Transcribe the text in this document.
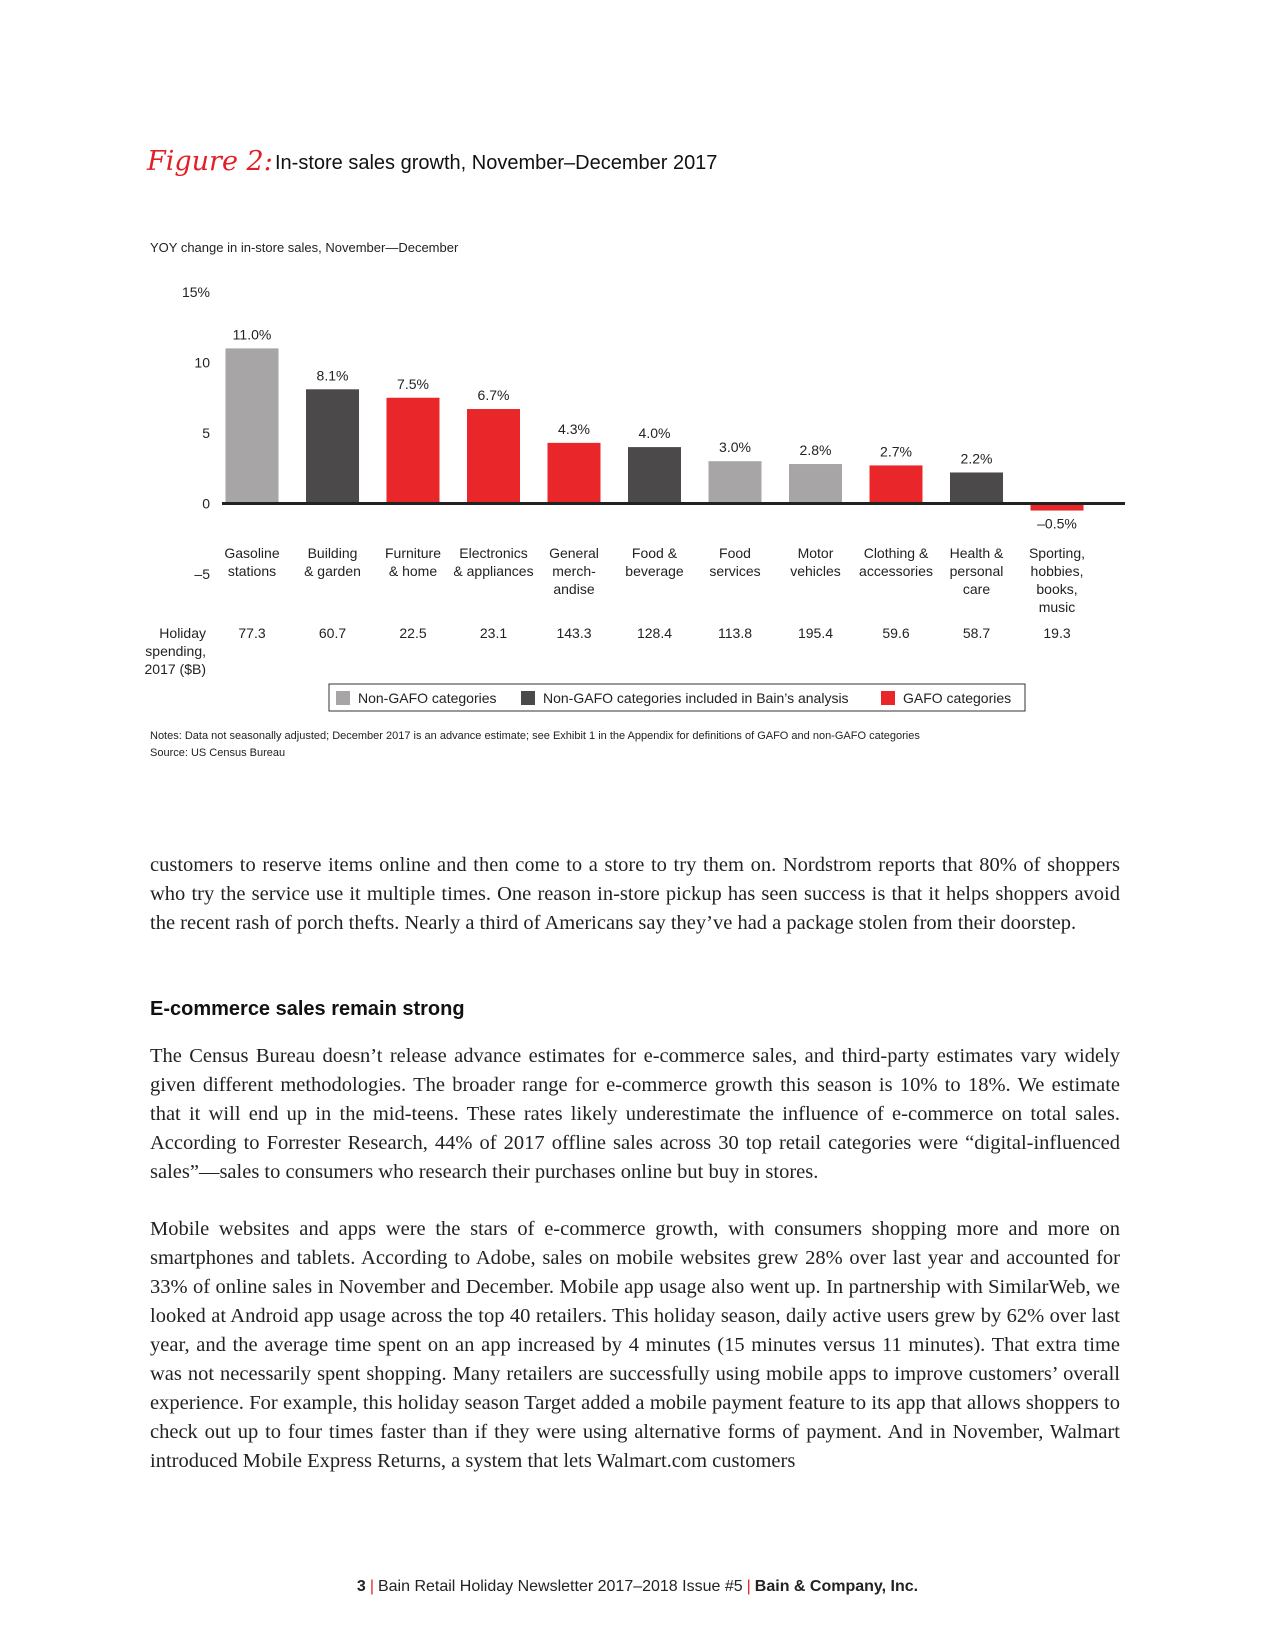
Figure 2: In-store sales growth, November–December 2017
YOY change in in-store sales, November—December
15%
10
5
0
–5
11.0%
8.1%
7.5%
6.7%
4.3%	4.0%
3.0%	2.8%	2.7%	2.2%
–0.5%
Gasoline stations
Building & garden
Furniture & home
Electronics & appliances
General merch-andise
Food & beverage
Food services
Motor vehicles
Clothing & accessories
Health & personal care
Sporting, hobbies, books, music
Holiday spending, 2017 ($B)
77.3	60.7	22.5	23.1	143.3	128.4	113.8	195.4	59.6	58.7	19.3
Non-GAFO categories	Non-GAFO categories included in Bain’s analysis	GAFO categories
Notes: Data not seasonally adjusted; December 2017 is an advance estimate; see Exhibit 1 in the Appendix for definitions of GAFO and non-GAFO categories
Source: US Census Bureau

customers to reserve items online and then come to a store to try them on. Nordstrom reports that 80% of shoppers who try the service use it multiple times. One reason in-store pickup has seen success is that it helps shoppers avoid the recent rash of porch thefts. Nearly a third of Americans say they’ve had a package stolen from their doorstep.

E-commerce sales remain strong

The Census Bureau doesn’t release advance estimates for e-commerce sales, and third-party estimates vary widely given different methodologies. The broader range for e-commerce growth this season is 10% to 18%. We estimate that it will end up in the mid-teens. These rates likely underestimate the influence of e-commerce on total sales. According to Forrester Research, 44% of 2017 offline sales across 30 top retail categories were “digital-influenced sales”—sales to consumers who research their purchases online but buy in stores.

Mobile websites and apps were the stars of e-commerce growth, with consumers shopping more and more on smartphones and tablets. According to Adobe, sales on mobile websites grew 28% over last year and accounted for 33% of online sales in November and December. Mobile app usage also went up. In partnership with SimilarWeb, we looked at Android app usage across the top 40 retailers. This holiday season, daily active users grew by 62% over last year, and the average time spent on an app increased by 4 minutes (15 minutes versus 11 minutes). That extra time was not necessarily spent shopping. Many retailers are successfully using mobile apps to improve customers’ overall experience. For example, this holiday season Target added a mobile payment feature to its app that allows shoppers to check out up to four times faster than if they were using alternative forms of payment. And in November, Walmart introduced Mobile Express Returns, a system that lets Walmart.com customers

3 | Bain Retail Holiday Newsletter 2017–2018 Issue #5 | Bain & Company, Inc.
